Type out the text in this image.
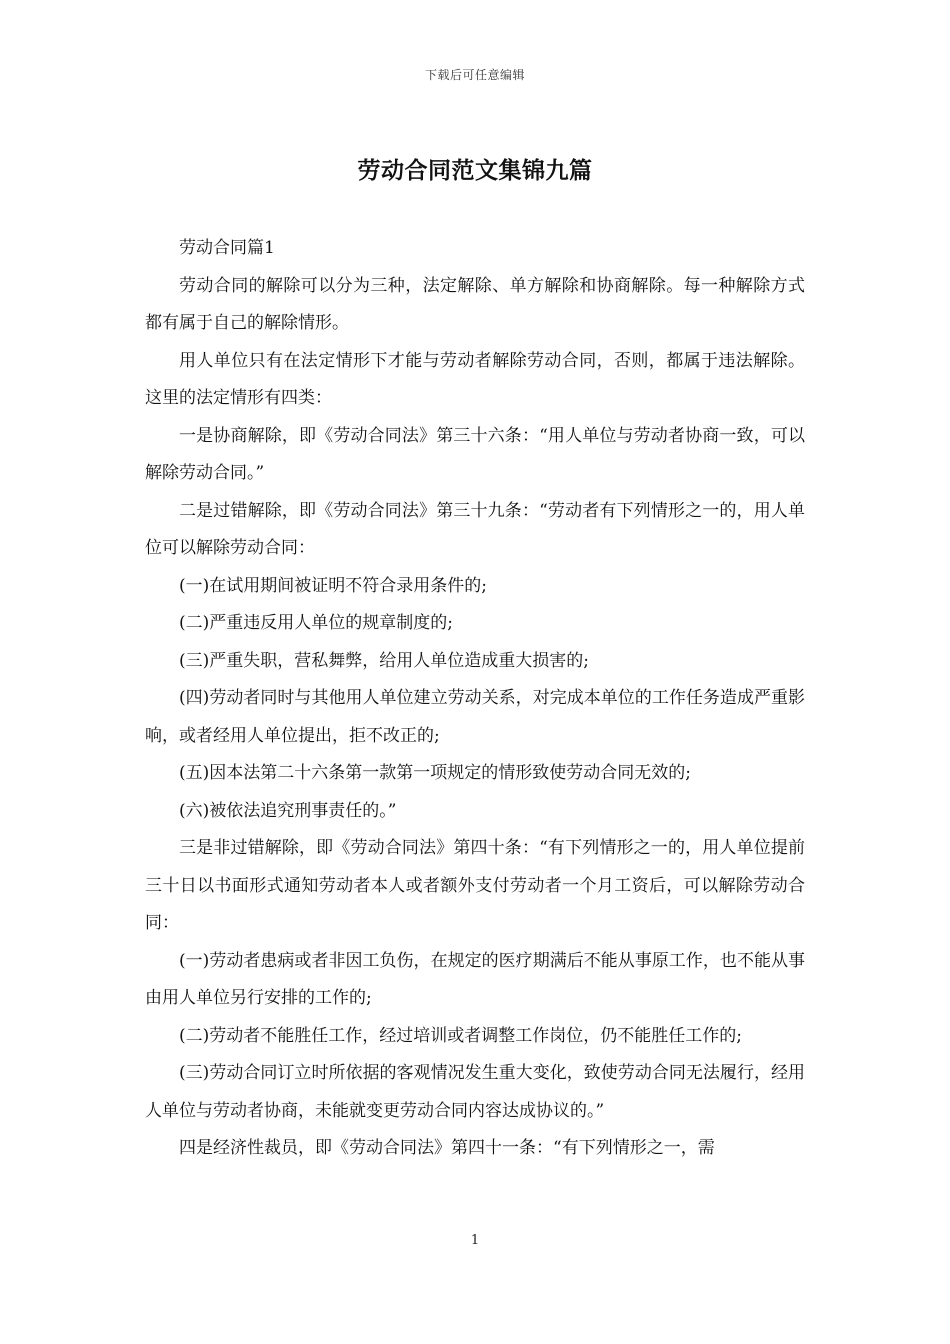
下载后可任意编辑
劳动合同范文集锦九篇

劳动合同篇1

劳动合同的解除可以分为三种，法定解除、单方解除和协商解除。每一种解除方式都有属于自己的解除情形。

用人单位只有在法定情形下才能与劳动者解除劳动合同，否则，都属于违法解除。这里的法定情形有四类：

一是协商解除，即《劳动合同法》第三十六条：“用人单位与劳动者协商一致，可以解除劳动合同。”

二是过错解除，即《劳动合同法》第三十九条：“劳动者有下列情形之一的，用人单位可以解除劳动合同：

(一)在试用期间被证明不符合录用条件的;

(二)严重违反用人单位的规章制度的;

(三)严重失职，营私舞弊，给用人单位造成重大损害的;

(四)劳动者同时与其他用人单位建立劳动关系，对完成本单位的工作任务造成严重影响，或者经用人单位提出，拒不改正的;

(五)因本法第二十六条第一款第一项规定的情形致使劳动合同无效的;

(六)被依法追究刑事责任的。”

三是非过错解除，即《劳动合同法》第四十条：“有下列情形之一的，用人单位提前三十日以书面形式通知劳动者本人或者额外支付劳动者一个月工资后，可以解除劳动合同：

(一)劳动者患病或者非因工负伤，在规定的医疗期满后不能从事原工作，也不能从事由用人单位另行安排的工作的;

(二)劳动者不能胜任工作，经过培训或者调整工作岗位，仍不能胜任工作的;

(三)劳动合同订立时所依据的客观情况发生重大变化，致使劳动合同无法履行，经用人单位与劳动者协商，未能就变更劳动合同内容达成协议的。”

四是经济性裁员，即《劳动合同法》第四十一条：“有下列情形之一，需

1
